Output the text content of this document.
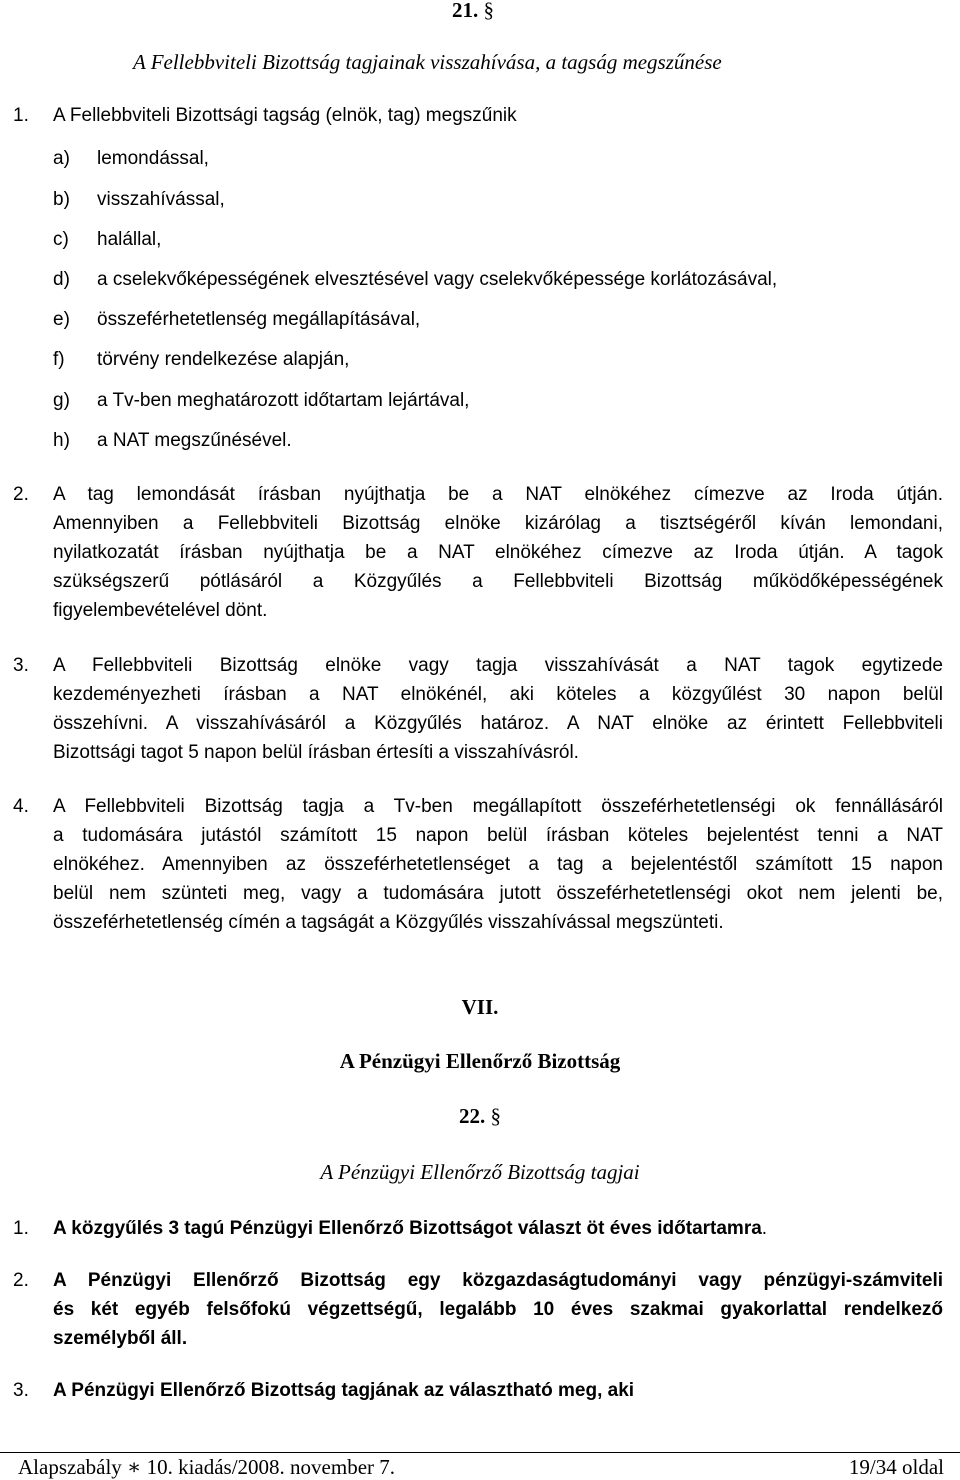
21. §
A Fellebbviteli Bizottság tagjainak visszahívása, a tagság megszűnése
1. A Fellebbviteli Bizottsági tagság (elnök, tag) megszűnik
a) lemondással,
b) visszahívással,
c) halállal,
d) a cselekvőképességének elvesztésével vagy cselekvőképessége korlátozásával,
e) összeférhetetlenség megállapításával,
f) törvény rendelkezése alapján,
g) a Tv-ben meghatározott időtartam lejártával,
h) a NAT megszűnésével.
2. A tag lemondását írásban nyújthatja be a NAT elnökéhez címezve az Iroda útján.
Amennyiben a Fellebbviteli Bizottság elnöke kizárólag a tisztségéről kíván lemondani,
nyilatkozatát írásban nyújthatja be a NAT elnökéhez címezve az Iroda útján. A tagok
szükségszerű pótlásáról a Közgyűlés a Fellebbviteli Bizottság működőképességének
figyelembevételével dönt.
3. A Fellebbviteli Bizottság elnöke vagy tagja visszahívását a NAT tagok egytizede
kezdeményezheti írásban a NAT elnökénél, aki köteles a közgyűlést 30 napon belül
összehívni. A visszahívásáról a Közgyűlés határoz. A NAT elnöke az érintett Fellebbviteli
Bizottsági tagot 5 napon belül írásban értesíti a visszahívásról.
4. A Fellebbviteli Bizottság tagja a Tv-ben megállapított összeférhetetlenségi ok fennállásáról
a tudomására jutástól számított 15 napon belül írásban köteles bejelentést tenni a NAT
elnökéhez. Amennyiben az összeférhetetlenséget a tag a bejelentéstől számított 15 napon
belül nem szünteti meg, vagy a tudomására jutott összeférhetetlenségi okot nem jelenti be,
összeférhetetlenség címén a tagságát a Közgyűlés visszahívással megszünteti.
VII.
A Pénzügyi Ellenőrző Bizottság
22. §
A Pénzügyi Ellenőrző Bizottság tagjai
1. A közgyűlés 3 tagú Pénzügyi Ellenőrző Bizottságot választ öt éves időtartamra.
2. A Pénzügyi Ellenőrző Bizottság egy közgazdaságtudományi vagy pénzügyi-számviteli
és két egyéb felsőfokú végzettségű, legalább 10 éves szakmai gyakorlattal rendelkező
személyből áll.
3. A Pénzügyi Ellenőrző Bizottság tagjának az választható meg, aki
Alapszabály ∗ 10. kiadás/2008. november 7.	19/34 oldal
